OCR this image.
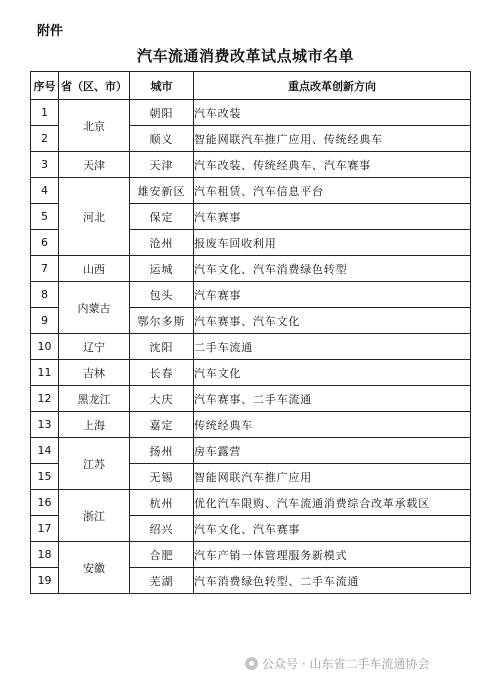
附件
汽车流通消费改革试点城市名单
序号	省（区、市）	城市	重点改革创新方向
1	北京	朝阳	汽车改装
2		顺义	智能网联汽车推广应用、传统经典车
3	天津	天津	汽车改装、传统经典车、汽车赛事
4	河北	雄安新区	汽车租赁、汽车信息平台
5		保定	汽车赛事
6		沧州	报废车回收利用
7	山西	运城	汽车文化、汽车消费绿色转型
8	内蒙古	包头	汽车赛事
9		鄂尔多斯	汽车赛事、汽车文化
10	辽宁	沈阳	二手车流通
11	吉林	长春	汽车文化
12	黑龙江	大庆	汽车赛事、二手车流通
13	上海	嘉定	传统经典车
14	江苏	扬州	房车露营
15		无锡	智能网联汽车推广应用
16	浙江	杭州	优化汽车限购、汽车流通消费综合改革承载区
17		绍兴	汽车文化、汽车赛事
18	安徽	合肥	汽车产销一体管理服务新模式
19		芜湖	汽车消费绿色转型、二手车流通
公众号 · 山东省二手车流通协会
